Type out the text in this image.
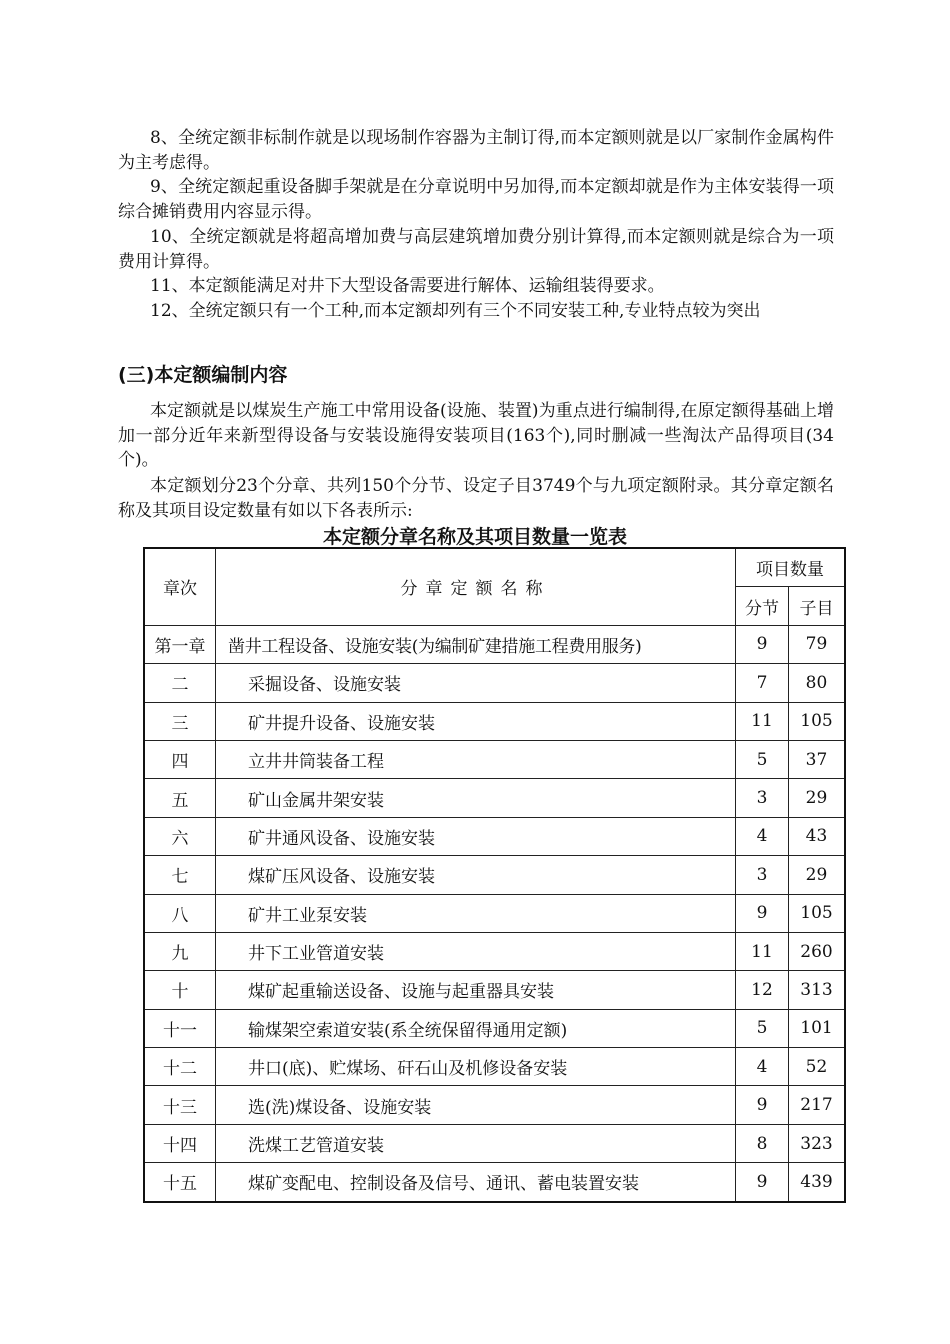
8、全统定额非标制作就是以现场制作容器为主制订得,而本定额则就是以厂家制作金属构件为主考虑得。

9、全统定额起重设备脚手架就是在分章说明中另加得,而本定额却就是作为主体安装得一项综合摊销费用内容显示得。

10、全统定额就是将超高增加费与高层建筑增加费分别计算得,而本定额则就是综合为一项费用计算得。

11、本定额能满足对井下大型设备需要进行解体、运输组装得要求。

12、全统定额只有一个工种,而本定额却列有三个不同安装工种,专业特点较为突出

(三)本定额编制内容

本定额就是以煤炭生产施工中常用设备(设施、装置)为重点进行编制得,在原定额得基础上增加一部分近年来新型得设备与安装设施得安装项目(163个),同时删减一些淘汰产品得项目(34个)。

本定额划分23个分章、共列150个分节、设定子目3749个与九项定额附录。其分章定额名称及其项目设定数量有如以下各表所示:

本定额分章名称及其项目数量一览表
章次	分章定额名称	项目数量	
		分节	子目
第一章	凿井工程设备、设施安装(为编制矿建措施工程费用服务)	9	79
二	采掘设备、设施安装	7	80
三	矿井提升设备、设施安装	11	105
四	立井井筒装备工程	5	37
五	矿山金属井架安装	3	29
六	矿井通风设备、设施安装	4	43
七	煤矿压风设备、设施安装	3	29
八	矿井工业泵安装	9	105
九	井下工业管道安装	11	260
十	煤矿起重输送设备、设施与起重器具安装	12	313
十一	输煤架空索道安装(系全统保留得通用定额)	5	101
十二	井口(底)、贮煤场、矸石山及机修设备安装	4	52
十三	选(洗)煤设备、设施安装	9	217
十四	洗煤工艺管道安装	8	323
十五	煤矿变配电、控制设备及信号、通讯、蓄电装置安装	9	439
